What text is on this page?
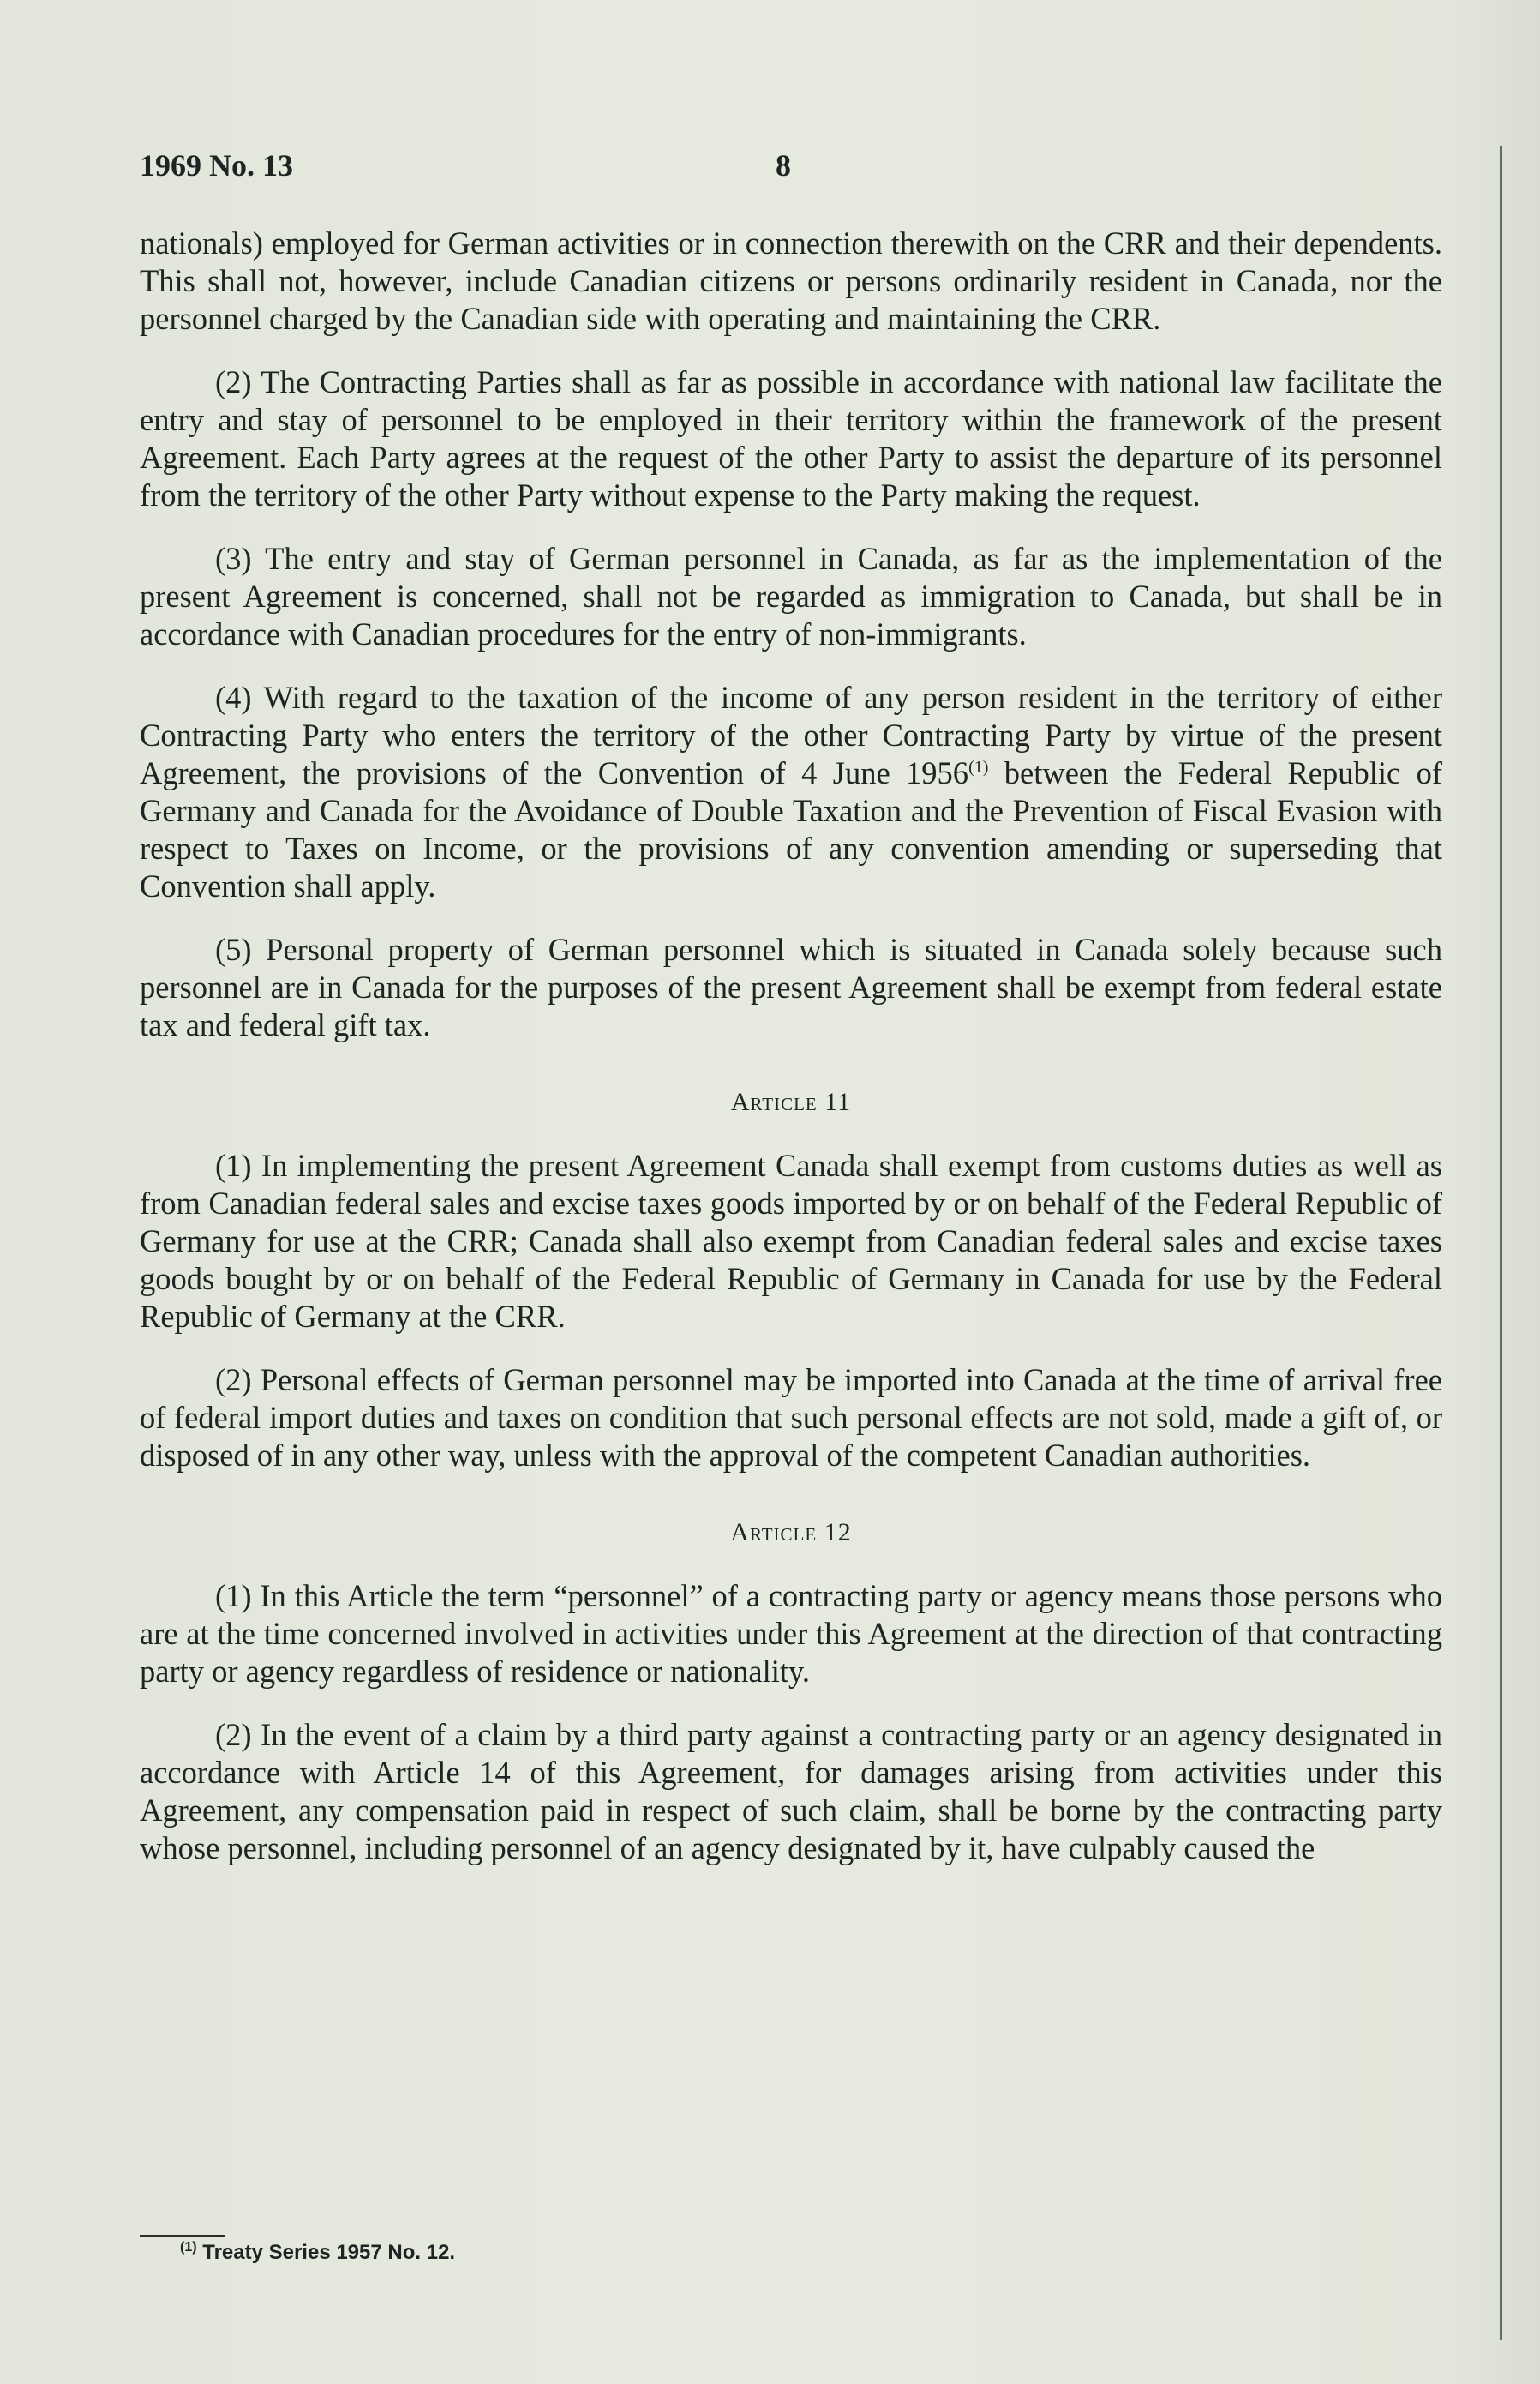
1969 No. 13	8

nationals) employed for German activities or in connection therewith on the CRR and their dependents. This shall not, however, include Canadian citizens or persons ordinarily resident in Canada, nor the personnel charged by the Canadian side with operating and maintaining the CRR.

(2) The Contracting Parties shall as far as possible in accordance with national law facilitate the entry and stay of personnel to be employed in their territory within the framework of the present Agreement. Each Party agrees at the request of the other Party to assist the departure of its personnel from the territory of the other Party without expense to the Party making the request.

(3) The entry and stay of German personnel in Canada, as far as the implementation of the present Agreement is concerned, shall not be regarded as immigration to Canada, but shall be in accordance with Canadian procedures for the entry of non-immigrants.

(4) With regard to the taxation of the income of any person resident in the territory of either Contracting Party who enters the territory of the other Contracting Party by virtue of the present Agreement, the provisions of the Convention of 4 June 1956$^{(1)}$ between the Federal Republic of Germany and Canada for the Avoidance of Double Taxation and the Prevention of Fiscal Evasion with respect to Taxes on Income, or the provisions of any convention amending or superseding that Convention shall apply.

(5) Personal property of German personnel which is situated in Canada solely because such personnel are in Canada for the purposes of the present Agreement shall be exempt from federal estate tax and federal gift tax.

Article 11

(1) In implementing the present Agreement Canada shall exempt from customs duties as well as from Canadian federal sales and excise taxes goods imported by or on behalf of the Federal Republic of Germany for use at the CRR; Canada shall also exempt from Canadian federal sales and excise taxes goods bought by or on behalf of the Federal Republic of Germany in Canada for use by the Federal Republic of Germany at the CRR.

(2) Personal effects of German personnel may be imported into Canada at the time of arrival free of federal import duties and taxes on condition that such personal effects are not sold, made a gift of, or disposed of in any other way, unless with the approval of the competent Canadian authorities.

Article 12

(1) In this Article the term “personnel” of a contracting party or agency means those persons who are at the time concerned involved in activities under this Agreement at the direction of that contracting party or agency regardless of residence or nationality.

(2) In the event of a claim by a third party against a contracting party or an agency designated in accordance with Article 14 of this Agreement, for damages arising from activities under this Agreement, any compensation paid in respect of such claim, shall be borne by the contracting party whose personnel, including personnel of an agency designated by it, have culpably caused the

$^{(1)}$ Treaty Series 1957 No. 12.
